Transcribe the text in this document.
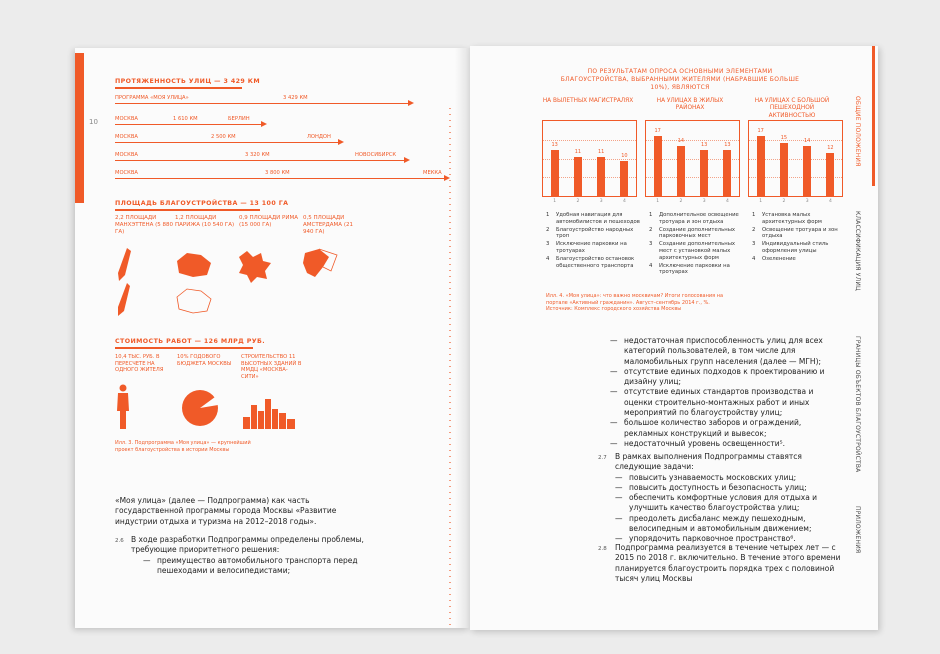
10
ПРОТЯЖЕННОСТЬ УЛИЦ — 3 429 КМ
ПРОГРАММА «МОЯ УЛИЦА»	3 429 КМ
МОСКВА	1 610 КМ	БЕРЛИН
МОСКВА	2 500 КМ	ЛОНДОН
МОСКВА	3 320 КМ	НОВОСИБИРСК
МОСКВА	3 800 КМ	МЕККА
ПЛОЩАДЬ БЛАГОУСТРОЙСТВА — 13 100 ГА
2,2 ПЛОЩАДИ МАНХЭТТЕНА (5 880 ГА)
1,2 ПЛОЩАДИ ПАРИЖА (10 540 ГА)
0,9 ПЛОЩАДИ РИМА (15 000 ГА)
0,5 ПЛОЩАДИ АМСТЕРДАМА (21 940 ГА)
СТОИМОСТЬ РАБОТ — 126 МЛРД РУБ.
10,4 ТЫС. РУБ. В ПЕРЕСЧЕТЕ НА ОДНОГО ЖИТЕЛЯ
10% ГОДОВОГО БЮДЖЕТА МОСКВЫ
СТРОИТЕЛЬСТВО 11 ВЫСОТНЫХ ЗДАНИЙ В ММДЦ «МОСКВА-СИТИ»
Илл. 3. Подпрограмма «Моя улица» — крупнейший проект благоустройства в истории Москвы
«Моя улица» (далее — Подпрограмма) как часть государственной программы города Москвы «Развитие индустрии отдыха и туризма на 2012–2018 годы».
2.6 В ходе разработки Подпрограммы определены проблемы, требующие приоритетного решения:
— преимущество автомобильного транспорта перед пешеходами и велосипедистами;
ПО РЕЗУЛЬТАТАМ ОПРОСА ОСНОВНЫМИ ЭЛЕМЕНТАМИ БЛАГОУСТРОЙСТВА, ВЫБРАННЫМИ ЖИТЕЛЯМИ (НАБРАВШИЕ БОЛЬШЕ 10%), ЯВЛЯЮТСЯ
НА ВЫЛЕТНЫХ МАГИСТРАЛЯХ	НА УЛИЦАХ В ЖИЛЫХ РАЙОНАХ
НА УЛИЦАХ С БОЛЬШОЙ ПЕШЕХОДНОЙ АКТИВНОСТЬЮ
13
1
11
2
11
3
10
4
17
1
14
2
13
3
13
4
17
1
15
2
14
3
12
4
1 Удобная навигация для автомобилистов и пешеходов
2 Благоустройство народных троп
3 Исключение парковки на тротуарах
4 Благоустройство остановок общественного транспорта
1 Дополнительное освещение тротуара и зон отдыха
2 Создание дополнительных парковочных мест
3 Создание дополнительных мест с установкой малых архитектурных форм
4 Исключение парковки на тротуарах
1 Установка малых архитектурных форм
2 Освещение тротуара и зон отдыха
3 Индивидуальный стиль оформления улицы
4 Озеленение
Илл. 4. «Моя улица»: что важно москвичам? Итоги голосования на портале «Активный гражданин». Август–сентябрь 2014 г., %. Источник: Комплекс городского хозяйства Москвы
— недостаточная приспособленность улиц для всех категорий пользователей, в том числе для маломобильных групп населения (далее — МГН);
— отсутствие единых подходов к проектированию и дизайну улиц;
— отсутствие единых стандартов производства и оценки строительно-монтажных работ и иных мероприятий по благоустройству улиц;
— большое количество заборов и ограждений, рекламных конструкций и вывесок;
— недостаточный уровень освещенности⁵.
2.7 В рамках выполнения Подпрограммы ставятся следующие задачи:
— повысить узнаваемость московских улиц;
— повысить доступность и безопасность улиц;
— обеспечить комфортные условия для отдыха и улучшить качество благоустройства улиц;
— преодолеть дисбаланс между пешеходным, велосипедным и автомобильным движением;
— упорядочить парковочное пространство⁶.
2.8 Подпрограмма реализуется в течение четырех лет — с 2015 по 2018 г. включительно. В течение этого времени планируется благоустроить порядка трех с половиной тысяч улиц Москвы
ОБЩИЕ ПОЛОЖЕНИЯ
КЛАССИФИКАЦИЯ УЛИЦ
ГРАНИЦЫ ОБЪЕКТОВ БЛАГОУСТРОЙСТВА
ПРИЛОЖЕНИЯ
